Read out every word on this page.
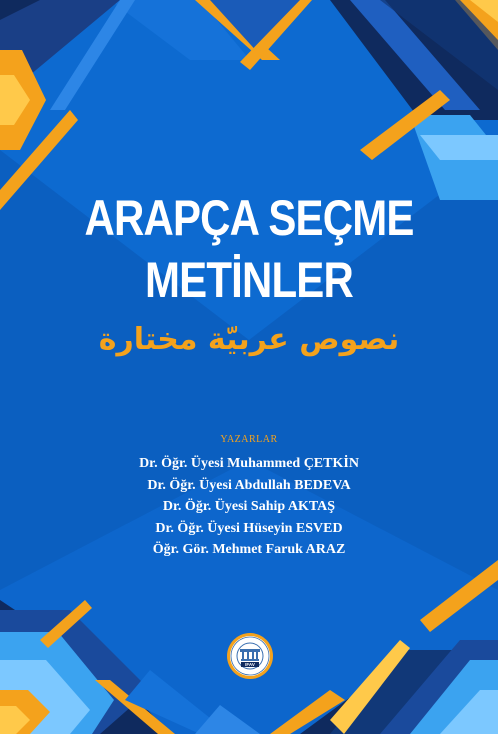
ARAPÇA SEÇME
METİNLER
نصوص عربيّة مختارة
YAZARLAR
Dr. Öğr. Üyesi Muhammed ÇETKİN
Dr. Öğr. Üyesi Abdullah BEDEVA
Dr. Öğr. Üyesi Sahip AKTAŞ
Dr. Öğr. Üyesi Hüseyin ESVED
Öğr. Gör. Mehmet Faruk ARAZ
IFAV
